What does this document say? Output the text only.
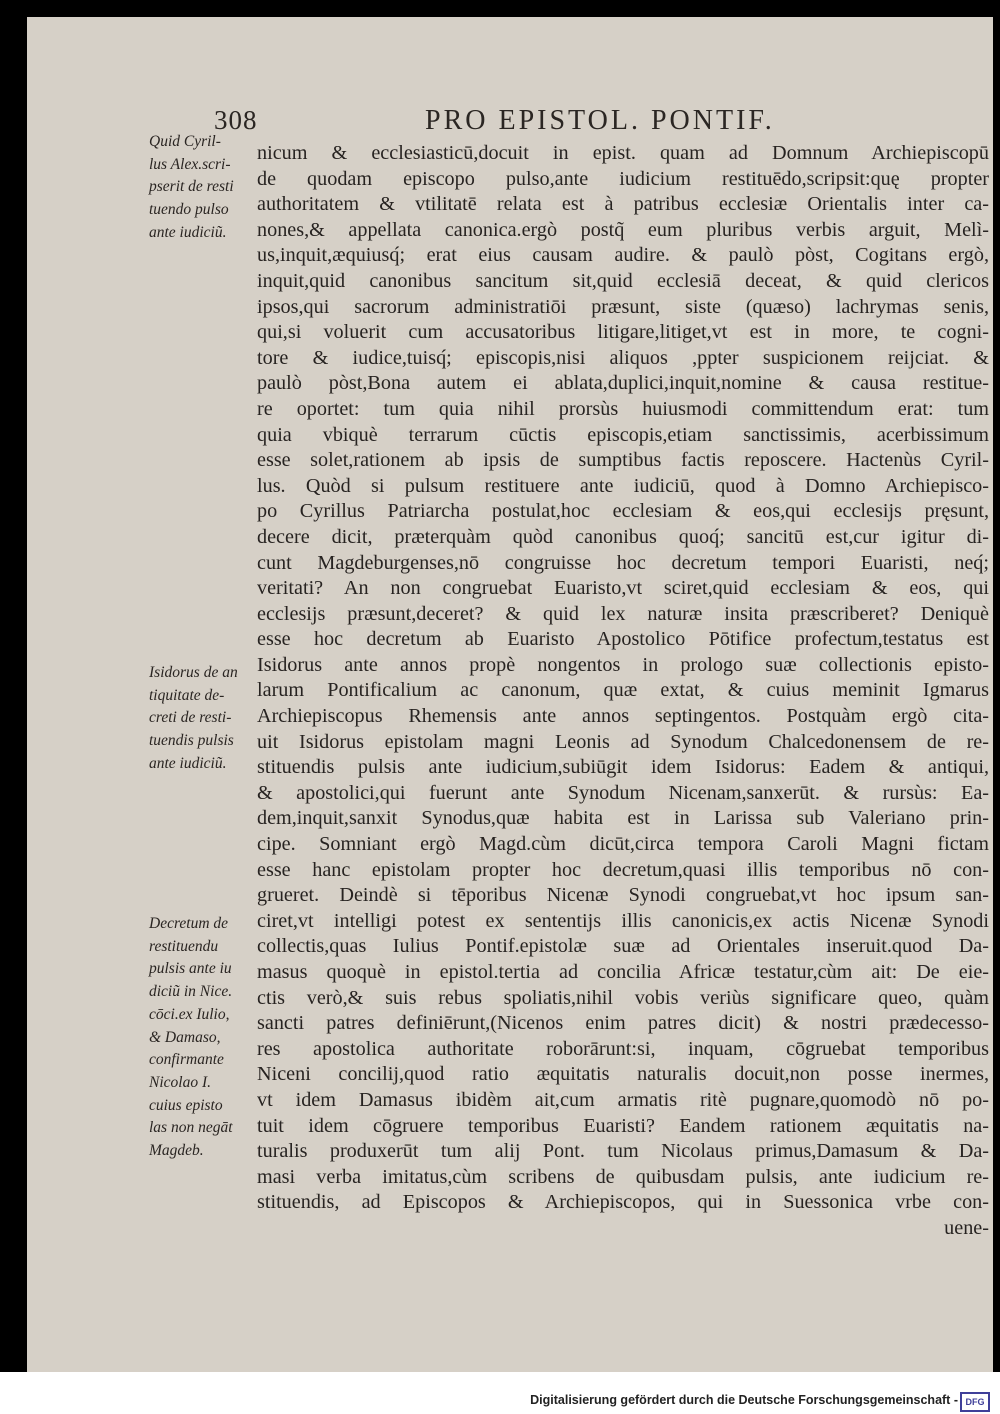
308	PRO EPISTOL. PONTIF.
Quid Cyril-
lus Alex.scri-
pserit de resti
tuendo pulso
ante iudiciũ.
Isidorus de an
tiquitate de-
creti de resti-
tuendis pulsis
ante iudiciũ.
Decretum de
restituendu
pulsis ante iu
diciũ in Nice.
cōci.ex Iulio,
& Damaso,
confirmante
Nicolao I.
cuius episto
las non negāt
Magdeb.
nicum & ecclesiasticū,docuit in epist. quam ad Domnum Archiepiscopū
de quodam episcopo pulso,ante iudicium restituēdo,scripsit:quę propter
authoritatem & vtilitatē relata est à patribus ecclesiæ Orientalis inter ca-
nones,& appellata canonica.ergò postq̃ eum pluribus verbis arguit, Melì-
us,inquit,æquiusq́; erat eius causam audire. & paulò pòst, Cogitans ergò,
inquit,quid canonibus sancitum sit,quid ecclesiā deceat, & quid clericos
ipsos,qui sacrorum administratiōi præsunt, siste (quæso) lachrymas senis,
qui,si voluerit cum accusatoribus litigare,litiget,vt est in more, te cogni-
tore & iudice,tuisq́; episcopis,nisi aliquos ,ppter suspicionem reijciat. &
paulò pòst,Bona autem ei ablata,duplici,inquit,nomine & causa restitue-
re oportet: tum quia nihil prorsùs huiusmodi committendum erat: tum
quia vbiquè terrarum cūctis episcopis,etiam sanctissimis, acerbissimum
esse solet,rationem ab ipsis de sumptibus factis reposcere. Hactenùs Cyril-
lus. Quòd si pulsum restituere ante iudiciū, quod à Domno Archiepisco-
po Cyrillus Patriarcha postulat,hoc ecclesiam & eos,qui ecclesijs pręsunt,
decere dicit, præterquàm quòd canonibus quoq́; sancitū est,cur igitur di-
cunt Magdeburgenses,nō congruisse hoc decretum tempori Euaristi, neq́;
veritati? An non congruebat Euaristo,vt sciret,quid ecclesiam & eos, qui
ecclesijs præsunt,deceret? & quid lex naturæ insita præscriberet? Deniquè
esse hoc decretum ab Euaristo Apostolico Pōtifice profectum,testatus est
Isidorus ante annos propè nongentos in prologo suæ collectionis episto-
larum Pontificalium ac canonum, quæ extat, & cuius meminit Igmarus
Archiepiscopus Rhemensis ante annos septingentos. Postquàm ergò cita-
uit Isidorus epistolam magni Leonis ad Synodum Chalcedonensem de re-
stituendis pulsis ante iudicium,subiūgit idem Isidorus: Eadem & antiqui,
& apostolici,qui fuerunt ante Synodum Nicenam,sanxerūt. & rursùs: Ea-
dem,inquit,sanxit Synodus,quæ habita est in Larissa sub Valeriano prin-
cipe. Somniant ergò Magd.cùm dicūt,circa tempora Caroli Magni fictam
esse hanc epistolam propter hoc decretum,quasi illis temporibus nō con-
grueret. Deindè si tēporibus Nicenæ Synodi congruebat,vt hoc ipsum san-
ciret,vt intelligi potest ex sententijs illis canonicis,ex actis Nicenæ Synodi
collectis,quas Iulius Pontif.epistolæ suæ ad Orientales inseruit.quod Da-
masus quoquè in epistol.tertia ad concilia Africæ testatur,cùm ait: De eie-
ctis verò,& suis rebus spoliatis,nihil vobis veriùs significare queo, quàm
sancti patres definiērunt,(Nicenos enim patres dicit) & nostri prædecesso-
res apostolica authoritate roborārunt:si, inquam, cōgruebat temporibus
Niceni concilij,quod ratio æquitatis naturalis docuit,non posse inermes,
vt idem Damasus ibidèm ait,cum armatis ritè pugnare,quomodò nō po-
tuit idem cōgruere temporibus Euaristi? Eandem rationem æquitatis na-
turalis produxerūt tum alij Pont. tum Nicolaus primus,Damasum & Da-
masi verba imitatus,cùm scribens de quibusdam pulsis, ante iudicium re-
stituendis, ad Episcopos & Archiepiscopos, qui in Suessonica vrbe con-
uene-
Digitalisierung gefördert durch die Deutsche Forschungsgemeinschaft - DFG
